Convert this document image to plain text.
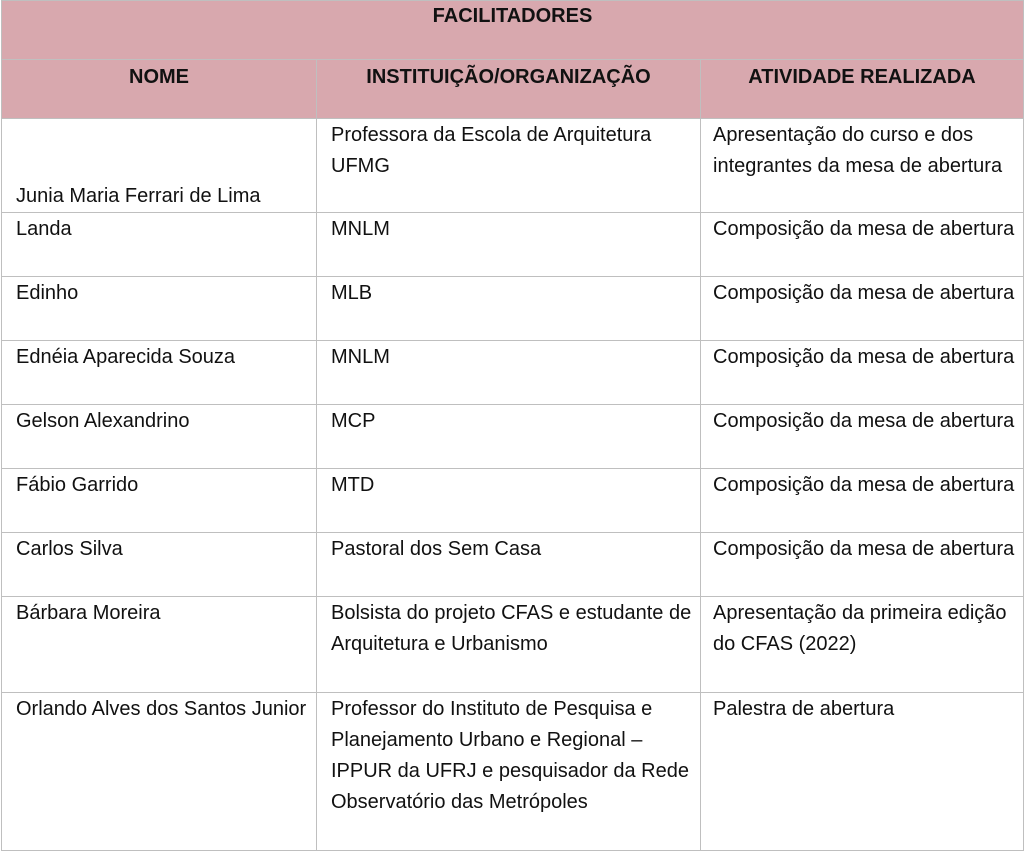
FACILITADORES		
NOME	INSTITUIÇÃO/ORGANIZAÇÃO	ATIVIDADE REALIZADA
Junia Maria Ferrari de Lima	Professora da Escola de Arquitetura UFMG	Apresentação do curso e dos integrantes da mesa de abertura
Landa	MNLM	Composição da mesa de abertura
Edinho	MLB	Composição da mesa de abertura
Ednéia Aparecida Souza	MNLM	Composição da mesa de abertura
Gelson Alexandrino	MCP	Composição da mesa de abertura
Fábio Garrido	MTD	Composição da mesa de abertura
Carlos Silva	Pastoral dos Sem Casa	Composição da mesa de abertura
Bárbara Moreira	Bolsista do projeto CFAS e estudante de Arquitetura e Urbanismo	Apresentação da primeira edição do CFAS (2022)
Orlando Alves dos Santos Junior	Professor do Instituto de Pesquisa e Planejamento Urbano e Regional – IPPUR da UFRJ e pesquisador da Rede Observatório das Metrópoles	Palestra de abertura
